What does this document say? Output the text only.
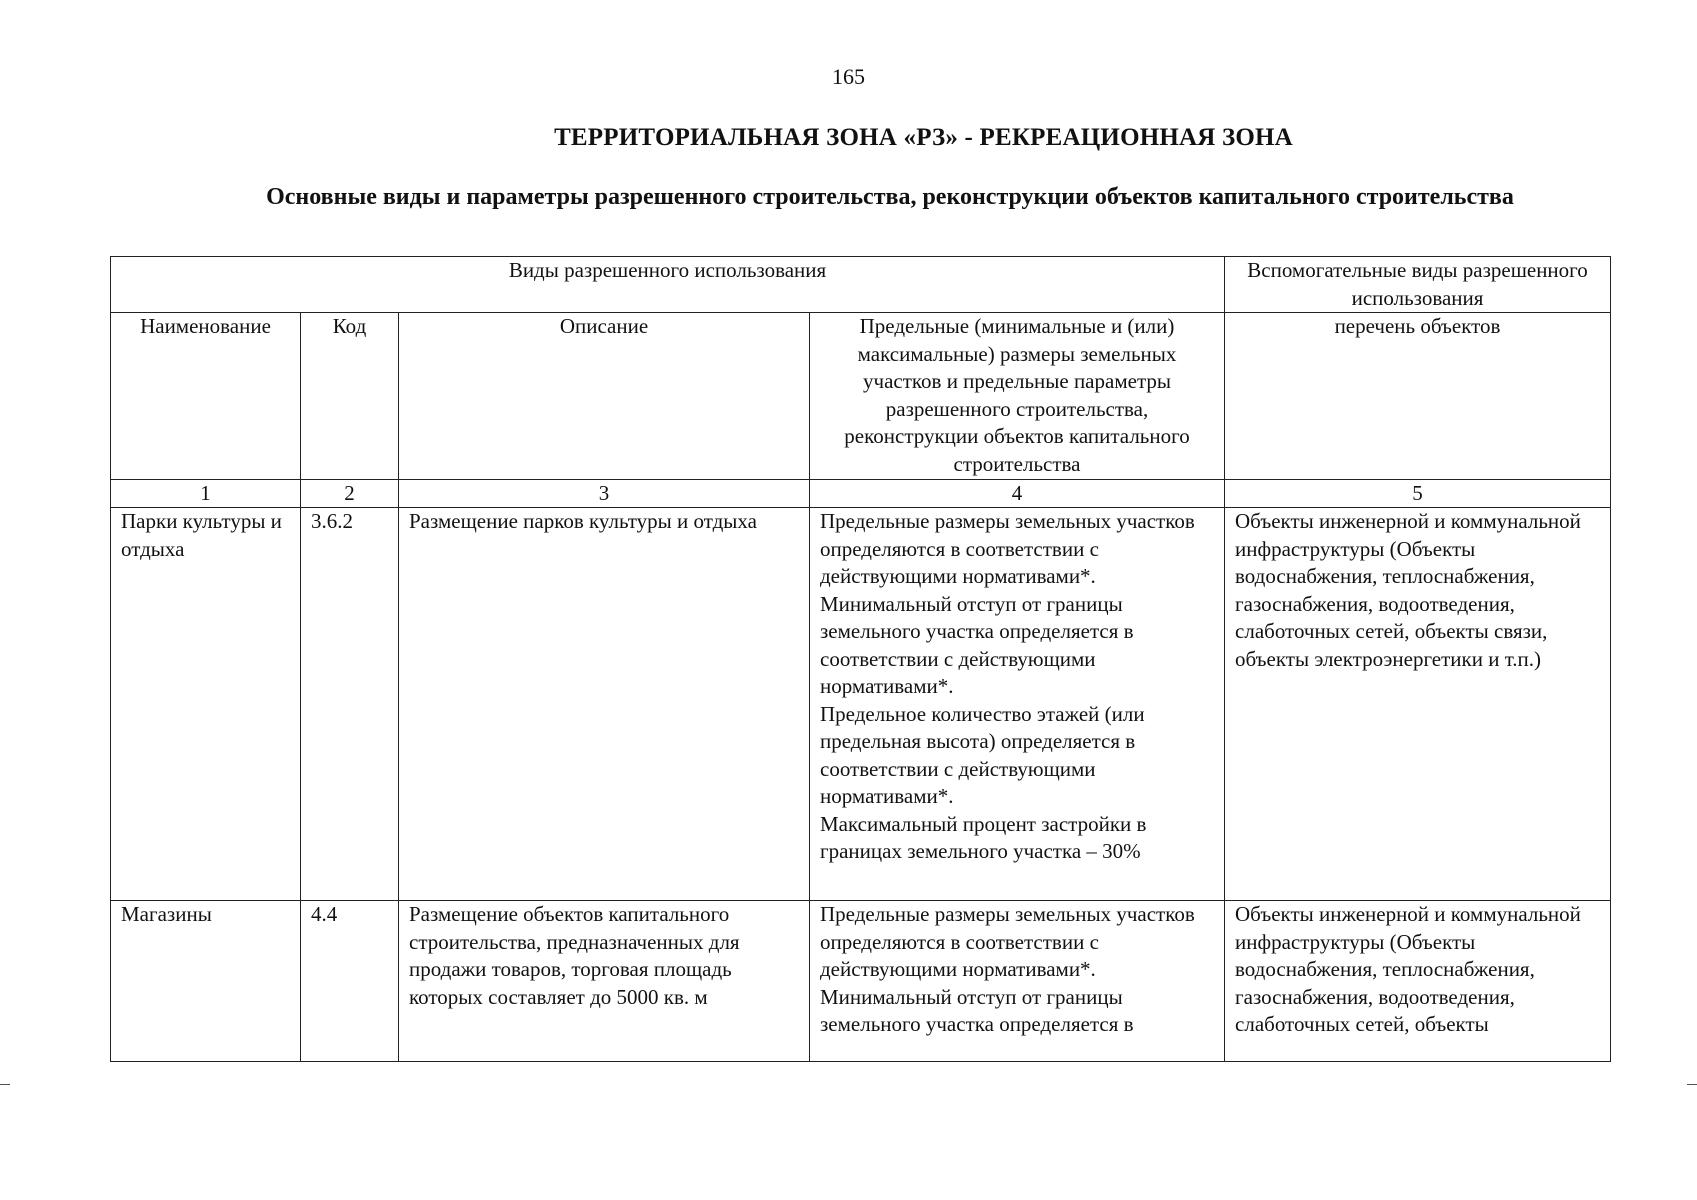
165
ТЕРРИТОРИАЛЬНАЯ ЗОНА «РЗ» - РЕКРЕАЦИОННАЯ ЗОНА
Основные виды и параметры разрешенного строительства, реконструкции объектов капитального строительства
Виды разрешенного использования				Вспомогательные виды разрешенного использования
Наименование	Код	Описание	Предельные (минимальные и (или) максимальные) размеры земельных участков и предельные параметры разрешенного строительства, реконструкции объектов капитального строительства	перечень объектов
1	2	3	4	5
Парки культуры и отдыха	3.6.2	Размещение парков культуры и отдыха	Предельные размеры земельных участков определяются в соответствии с действующими нормативами*.
Минимальный отступ от границы земельного участка определяется в соответствии с действующими нормативами*.
Предельное количество этажей (или предельная высота) определяется в соответствии с действующими нормативами*.
Максимальный процент застройки в границах земельного участка – 30%	Объекты инженерной и коммунальной инфраструктуры (Объекты водоснабжения, теплоснабжения, газоснабжения, водоотведения, слаботочных сетей, объекты связи, объекты электроэнергетики и т.п.)
Магазины	4.4	Размещение объектов капитального строительства, предназначенных для продажи товаров, торговая площадь которых составляет до 5000 кв. м	Предельные размеры земельных участков определяются в соответствии с действующими нормативами*.
Минимальный отступ от границы земельного участка определяется в	Объекты инженерной и коммунальной инфраструктуры (Объекты водоснабжения, теплоснабжения, газоснабжения, водоотведения, слаботочных сетей, объекты
